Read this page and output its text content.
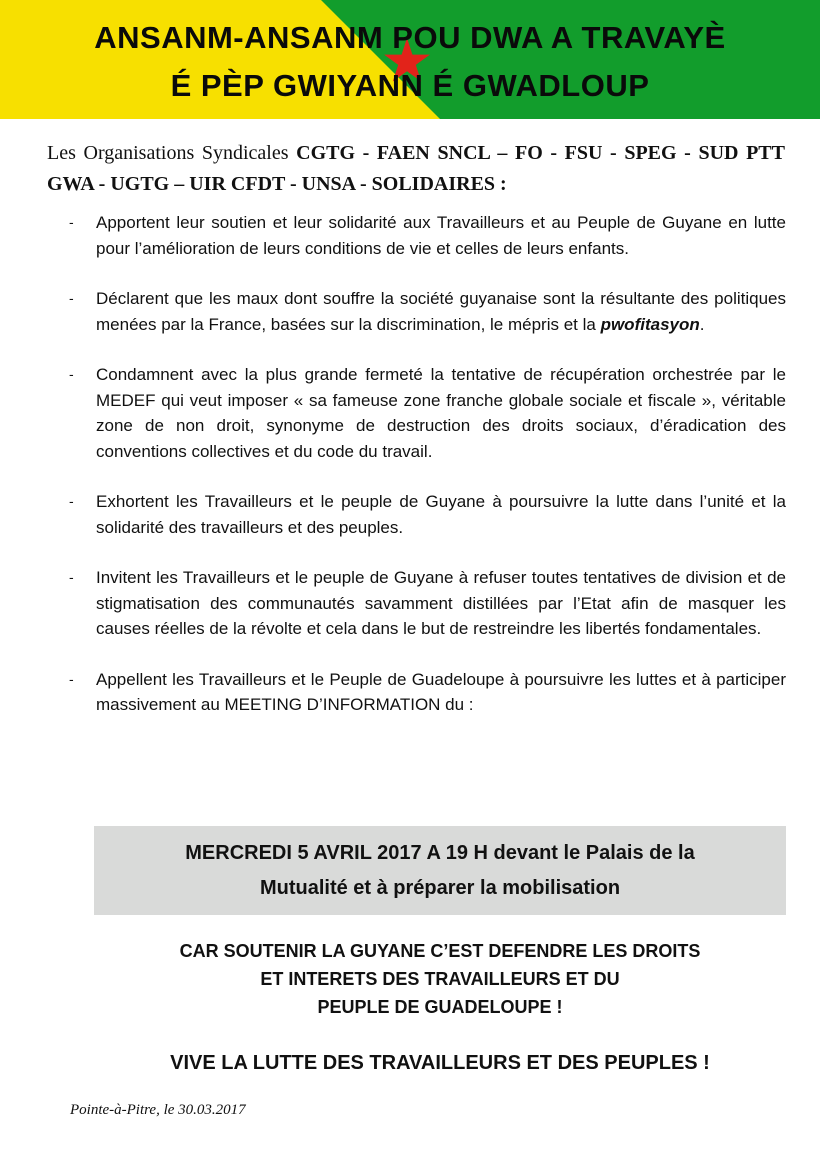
ANSANM-ANSANM POU DWA A TRAVAYÈ
É PÈP GWIYANN É GWADLOUP
Les Organisations Syndicales CGTG - FAEN SNCL – FO - FSU - SPEG - SUD PTT GWA - UGTG – UIR CFDT - UNSA - SOLIDAIRES :
- Apportent leur soutien et leur solidarité aux Travailleurs et au Peuple de Guyane en lutte pour l’amélioration de leurs conditions de vie et celles de leurs enfants.
- Déclarent que les maux dont souffre la société guyanaise sont la résultante des politiques menées par la France, basées sur la discrimination, le mépris et la pwofitasyon.
- Condamnent avec la plus grande fermeté la tentative de récupération orchestrée par le MEDEF qui veut imposer « sa fameuse zone franche globale sociale et fiscale », véritable zone de non droit, synonyme de destruction des droits sociaux, d’éradication des conventions collectives et du code du travail.
- Exhortent les Travailleurs et le peuple de Guyane à poursuivre la lutte dans l’unité et la solidarité des travailleurs et des peuples.
- Invitent les Travailleurs et le peuple de Guyane à refuser toutes tentatives de division et de stigmatisation des communautés savamment distillées par l’Etat afin de masquer les causes réelles de la révolte et cela dans le but de restreindre les libertés fondamentales.
- Appellent les Travailleurs et le Peuple de Guadeloupe à poursuivre les luttes et à participer massivement au MEETING D’INFORMATION du :
MERCREDI 5 AVRIL 2017 A 19 H devant le Palais de la
Mutualité et à préparer la mobilisation
CAR SOUTENIR LA GUYANE C’EST DEFENDRE LES DROITS
ET INTERETS DES TRAVAILLEURS ET DU
PEUPLE DE GUADELOUPE !
VIVE LA LUTTE DES TRAVAILLEURS ET DES PEUPLES !
Pointe-à-Pitre, le 30.03.2017
